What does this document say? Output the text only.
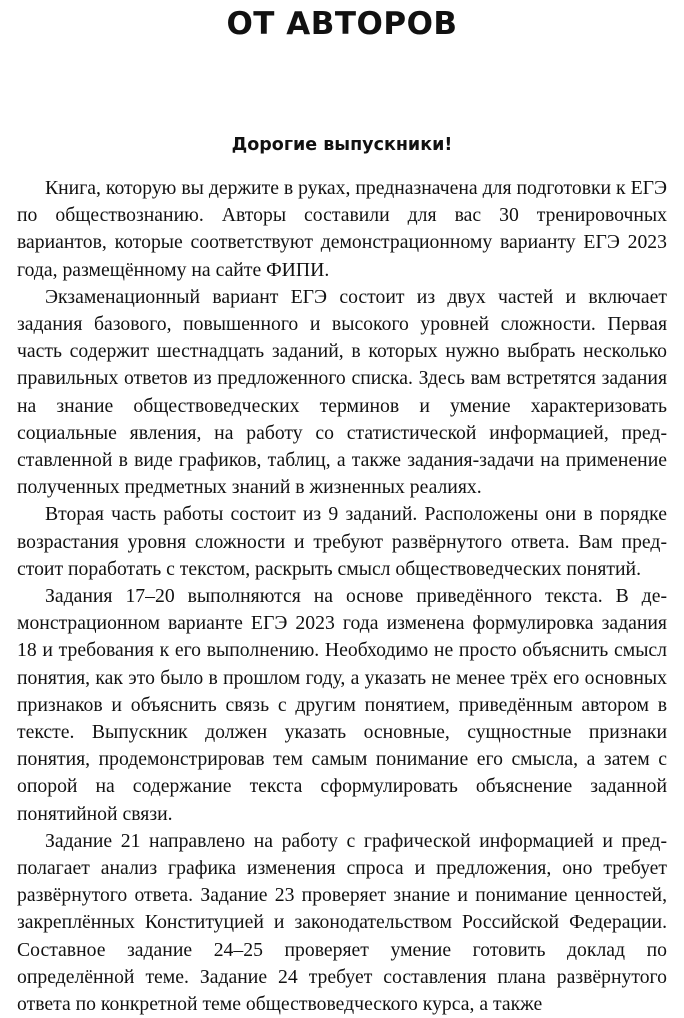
ОТ АВТОРОВ
Дорогие выпускники!

Книга, которую вы держите в руках, предназначена для подготовки к ЕГЭ по обществознанию. Авторы составили для вас 30 тренировочных вариантов, которые соответствуют демонстрационному варианту ЕГЭ 2023 года, размещённому на сайте ФИПИ.

Экзаменационный вариант ЕГЭ состоит из двух частей и включает задания базового, повышенного и высокого уровней сложности. Первая часть содержит шестнадцать заданий, в которых нужно выбрать несколько правильных ответов из предложенного списка. Здесь вам встретятся задания на знание обществоведческих терминов и умение характеризовать социальные явления, на работу со статистической информацией, представленной в виде графиков, таблиц, а также задания-задачи на применение полученных предметных знаний в жизненных реалиях.

Вторая часть работы состоит из 9 заданий. Расположены они в порядке возрастания уровня сложности и требуют развёрнутого ответа. Вам предстоит поработать с текстом, раскрыть смысл обществоведческих понятий.

Задания 17–20 выполняются на основе приведённого текста. В демонстрационном варианте ЕГЭ 2023 года изменена формулировка задания 18 и требования к его выполнению. Необходимо не просто объяснить смысл понятия, как это было в прошлом году, а указать не менее трёх его основных признаков и объяснить связь с другим понятием, приведённым автором в тексте. Выпускник должен указать основные, сущностные признаки понятия, продемонстрировав тем самым понимание его смысла, а затем с опорой на содержание текста сформулировать объяснение заданной понятийной связи.

Задание 21 направлено на работу с графической информацией и предполагает анализ графика изменения спроса и предложения, оно требует развёрнутого ответа. Задание 23 проверяет знание и понимание ценностей, закреплённых Конституцией и законодательством Российской Федерации. Составное задание 24–25 проверяет умение готовить доклад по определённой теме. Задание 24 требует составления плана развёрнутого ответа по конкретной теме обществоведческого курса, а также
